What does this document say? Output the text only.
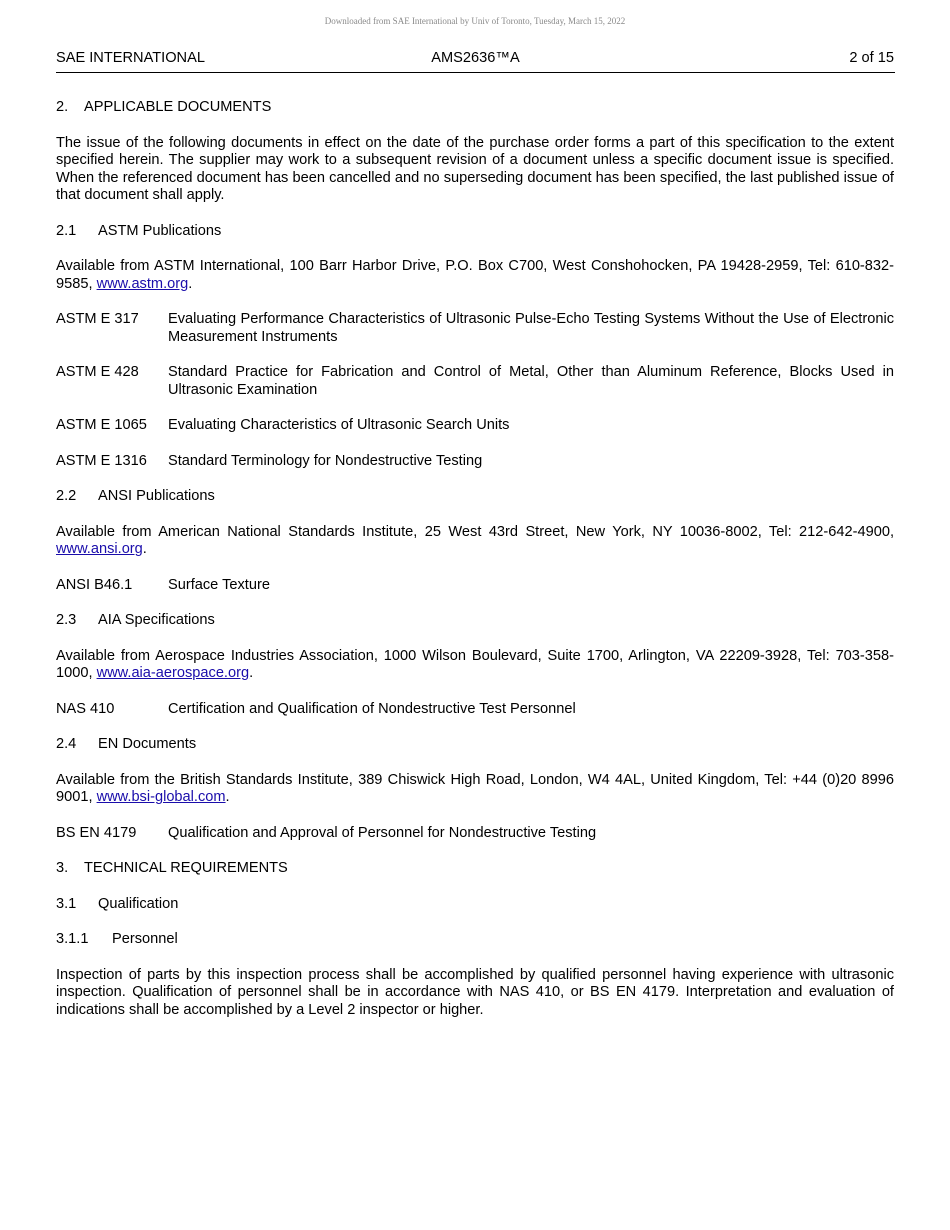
Downloaded from SAE International by Univ of Toronto, Tuesday, March 15, 2022
SAE INTERNATIONAL	AMS2636™A	2 of 15
2. APPLICABLE DOCUMENTS

The issue of the following documents in effect on the date of the purchase order forms a part of this specification to the extent specified herein. The supplier may work to a subsequent revision of a document unless a specific document issue is specified. When the referenced document has been cancelled and no superseding document has been specified, the last published issue of that document shall apply.

2.1 ASTM Publications

Available from ASTM International, 100 Barr Harbor Drive, P.O. Box C700, West Conshohocken, PA 19428-2959, Tel: 610-832-9585, www.astm.org.

ASTM E 317	Evaluating Performance Characteristics of Ultrasonic Pulse-Echo Testing Systems Without the Use of Electronic Measurement Instruments
ASTM E 428	Standard Practice for Fabrication and Control of Metal, Other than Aluminum Reference, Blocks Used in Ultrasonic Examination
ASTM E 1065	Evaluating Characteristics of Ultrasonic Search Units
ASTM E 1316	Standard Terminology for Nondestructive Testing
2.2 ANSI Publications

Available from American National Standards Institute, 25 West 43rd Street, New York, NY 10036-8002, Tel: 212-642-4900, www.ansi.org.

ANSI B46.1	Surface Texture
2.3 AIA Specifications

Available from Aerospace Industries Association, 1000 Wilson Boulevard, Suite 1700, Arlington, VA 22209-3928, Tel: 703-358-1000, www.aia-aerospace.org.

NAS 410	Certification and Qualification of Nondestructive Test Personnel
2.4 EN Documents

Available from the British Standards Institute, 389 Chiswick High Road, London, W4 4AL, United Kingdom, Tel: +44 (0)20 8996 9001, www.bsi-global.com.

BS EN 4179	Qualification and Approval of Personnel for Nondestructive Testing
3. TECHNICAL REQUIREMENTS
3.1 Qualification
3.1.1 Personnel

Inspection of parts by this inspection process shall be accomplished by qualified personnel having experience with ultrasonic inspection. Qualification of personnel shall be in accordance with NAS 410, or BS EN 4179. Interpretation and evaluation of indications shall be accomplished by a Level 2 inspector or higher.
